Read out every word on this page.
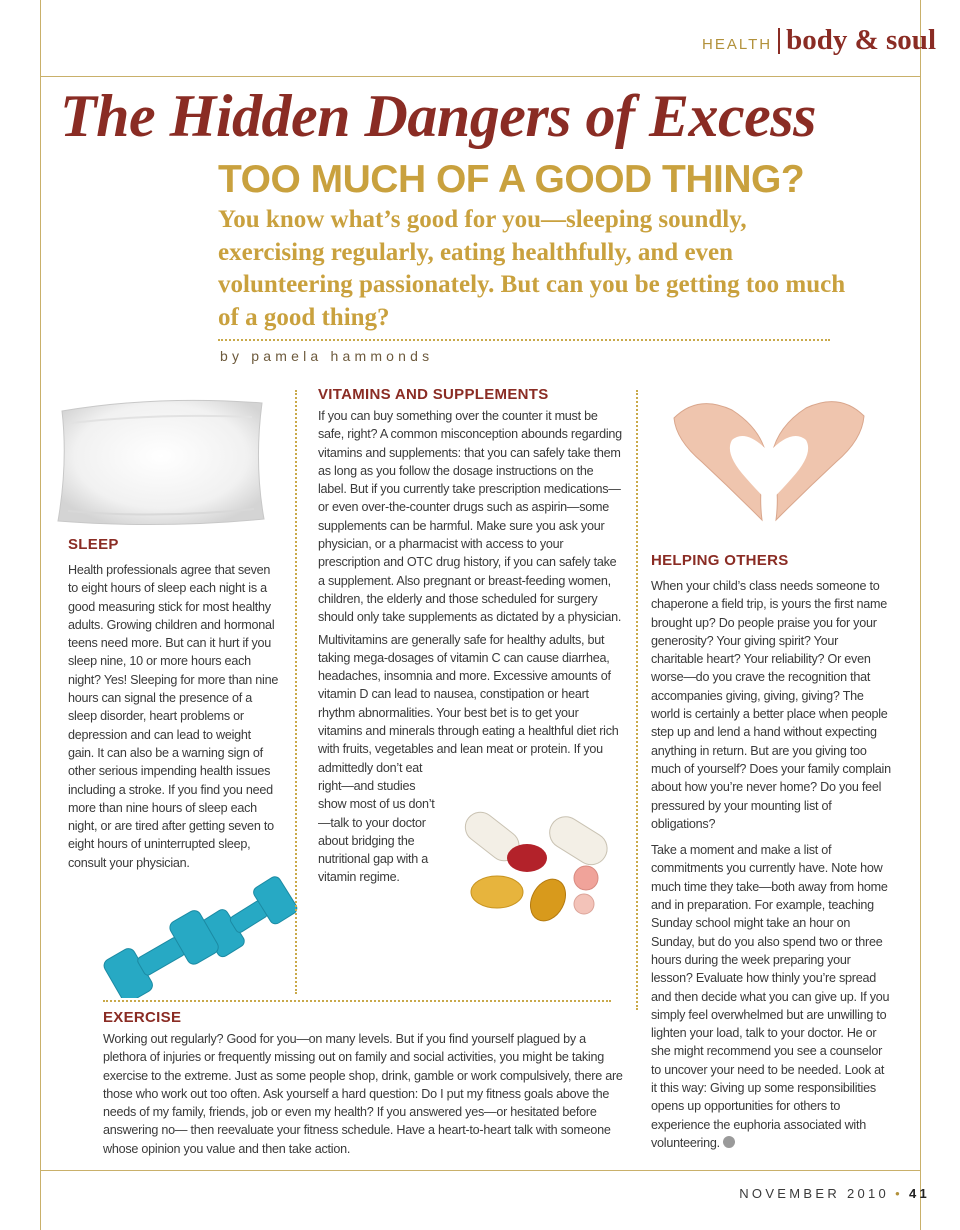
HEALTH body & soul
The Hidden Dangers of Excess
TOO MUCH OF A GOOD THING?

You know what’s good for you—sleeping soundly, exercising regularly, eating healthfully, and even volunteering passionately. But can you be getting too much of a good thing?

by pamela hammonds

SLEEP

Health professionals agree that seven to eight hours of sleep each night is a good measuring stick for most healthy adults. Growing children and hormonal teens need more. But can it hurt if you sleep nine, 10 or more hours each night? Yes! Sleeping for more than nine hours can signal the presence of a sleep disorder, heart problems or depression and can lead to weight gain. It can also be a warning sign of other serious impending health issues including a stroke. If you find you need more than nine hours of sleep each night, or are tired after getting seven to eight hours of uninterrupted sleep, consult your physician.

VITAMINS AND SUPPLEMENTS

If you can buy something over the counter it must be safe, right? A common misconception abounds regarding vitamins and supplements: that you can safely take them as long as you follow the dosage instructions on the label. But if you currently take prescription medications—or even over-the-counter drugs such as aspirin—some supplements can be harmful. Make sure you ask your physician, or a pharmacist with access to your prescription and OTC drug history, if you can safely take a supplement. Also pregnant or breast-feeding women, children, the elderly and those scheduled for surgery should only take supplements as dictated by a physician.

Multivitamins are generally safe for healthy adults, but taking mega-dosages of vitamin C can cause diarrhea, headaches, insomnia and more. Excessive amounts of vitamin D can lead to nausea, constipation or heart rhythm abnormalities. Your best bet is to get your vitamins and minerals through eating a healthful diet rich with fruits, vegetables and lean meat or protein. If you

admittedly don’t eat right—and studies show most of us don’t—talk to your doctor about bridging the nutritional gap with a vitamin regime.

HELPING OTHERS

When your child’s class needs someone to chaperone a field trip, is yours the first name brought up? Do people praise you for your generosity? Your giving spirit? Your charitable heart? Your reliability? Or even worse—do you crave the recognition that accompanies giving, giving, giving? The world is certainly a better place when people step up and lend a hand without expecting anything in return. But are you giving too much of yourself? Does your family complain about how you’re never home? Do you feel pressured by your mounting list of obligations?

Take a moment and make a list of commitments you currently have. Note how much time they take—both away from home and in preparation. For example, teaching Sunday school might take an hour on Sunday, but do you also spend two or three hours during the week preparing your lesson? Evaluate how thinly you’re spread and then decide what you can give up. If you simply feel overwhelmed but are unwilling to lighten your load, talk to your doctor. He or she might recommend you see a counselor to uncover your need to be needed. Look at it this way: Giving up some responsibilities opens up opportunities for others to experience the euphoria associated with volunteering.

EXERCISE

Working out regularly? Good for you—on many levels. But if you find yourself plagued by a plethora of injuries or frequently missing out on family and social activities, you might be taking exercise to the extreme. Just as some people shop, drink, gamble or work compulsively, there are those who work out too often. Ask yourself a hard question: Do I put my fitness goals above the needs of my family, friends, job or even my health? If you answered yes—or hesitated before answering no— then reevaluate your fitness schedule. Have a heart-to-heart talk with someone whose opinion you value and then take action.

NOVEMBER 2010 • 41
